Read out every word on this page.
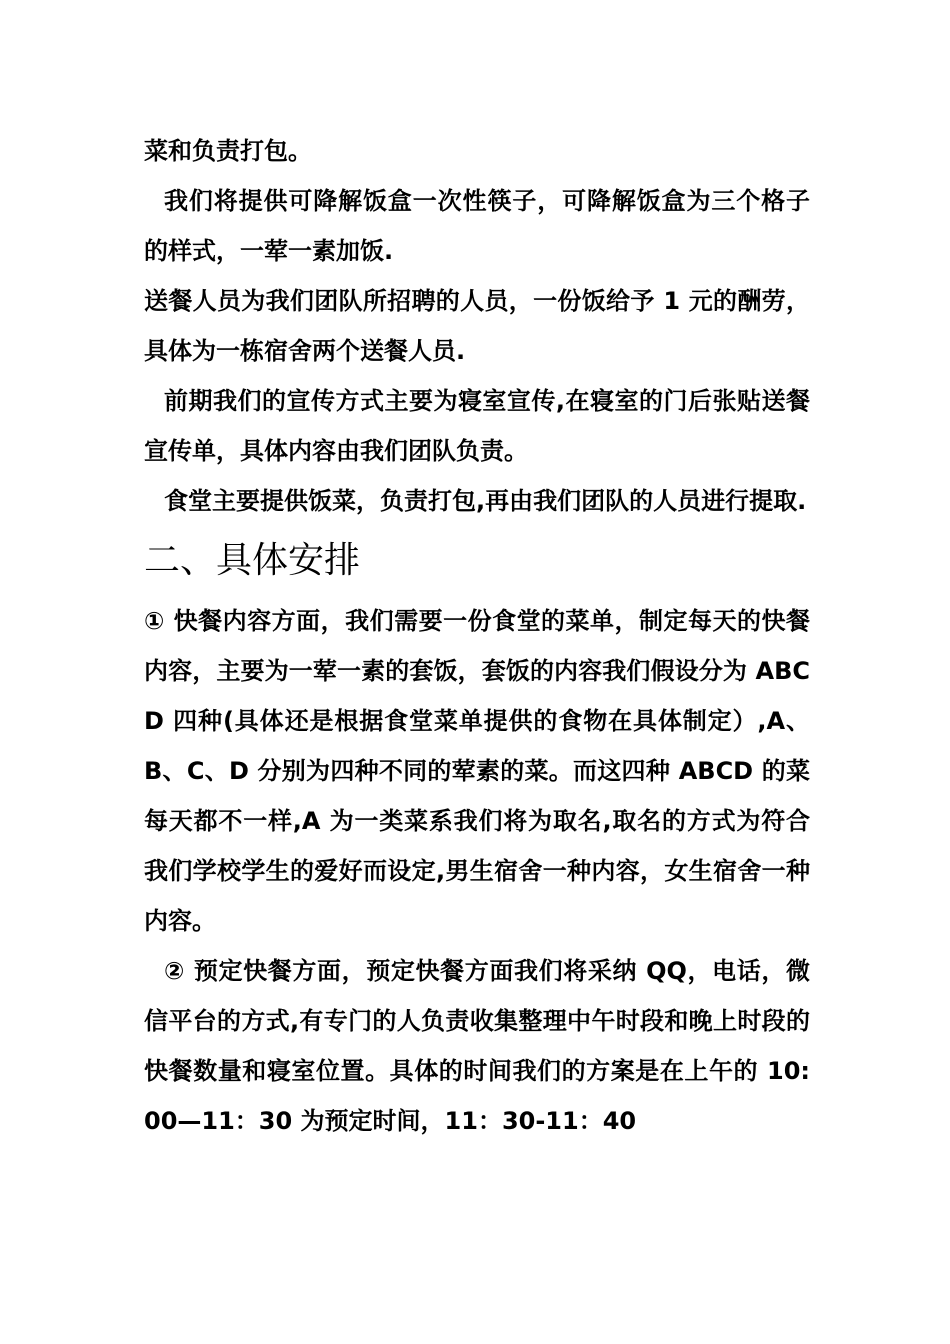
菜和负责打包。

我们将提供可降解饭盒一次性筷子，可降解饭盒为三个格子的样式，一荤一素加饭.

送餐人员为我们团队所招聘的人员，一份饭给予 1 元的酬劳，具体为一栋宿舍两个送餐人员.

前期我们的宣传方式主要为寝室宣传,在寝室的门后张贴送餐宣传单，具体内容由我们团队负责。

食堂主要提供饭菜，负责打包,再由我们团队的人员进行提取.

二、具体安排

① 快餐内容方面，我们需要一份食堂的菜单，制定每天的快餐内容，主要为一荤一素的套饭，套饭的内容我们假设分为 ABCD 四种(具体还是根据食堂菜单提供的食物在具体制定）,A、B、C、D 分别为四种不同的荤素的菜。而这四种 ABCD 的菜每天都不一样,A 为一类菜系我们将为取名,取名的方式为符合我们学校学生的爱好而设定,男生宿舍一种内容，女生宿舍一种内容。

② 预定快餐方面，预定快餐方面我们将采纳 QQ，电话，微信平台的方式,有专门的人负责收集整理中午时段和晚上时段的快餐数量和寝室位置。具体的时间我们的方案是在上午的 10:00—11：30 为预定时间，11：30-11：40
